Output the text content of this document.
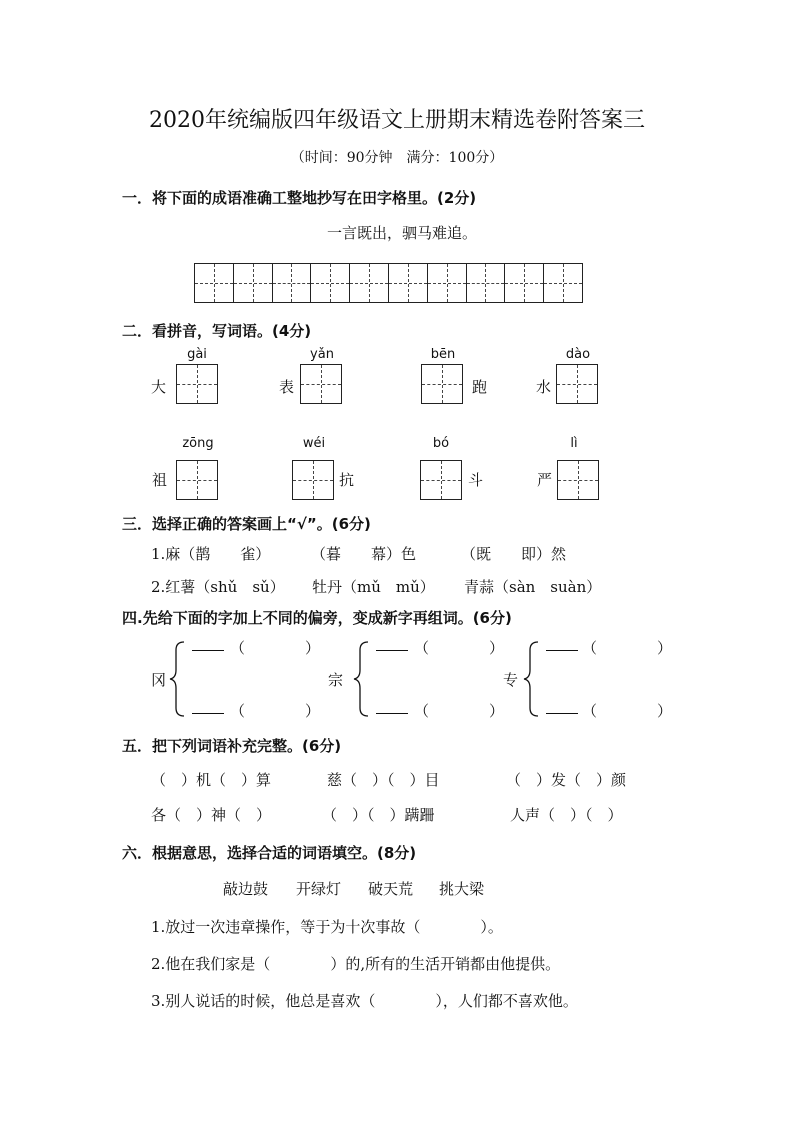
2020年统编版四年级语文上册期末精选卷附答案三
（时间：90分钟　满分：100分）
一．将下面的成语准确工整地抄写在田字格里。(2分)
一言既出，驷马难追。
二．看拼音，写词语。(4分)
gài	yǎn	bēn	dào
大	表	跑	水
zōng	wéi	bó	lì
祖	抗	斗	严
三．选择正确的答案画上“√”。(6分)
1.麻（鹊　　雀）	（暮　　幕）色	（既　　即）然
2.红薯（shǔ　sǔ） 牡丹（mǔ　mǔ） 青蒜（sàn　suàn）
四.先给下面的字加上不同的偏旁，变成新字再组词。(6分)
冈
（　　　　）
（　　　　）
宗
（　　　　）
（　　　　）
专
（　　　　）
（　　　　）
五．把下列词语补充完整。(6分)
（　）机（　）算	慈（　）（　）目	（　）发（　）颜
各（　）神（　）	（　）（　）蹒跚	人声（　）（　）
六．根据意思，选择合适的词语填空。(8分)
敲边鼓 开绿灯 破天荒 挑大梁
1.放过一次违章操作，等于为十次事故（　　　　）。
2.他在我们家是（　　　　）的,所有的生活开销都由他提供。
3.别人说话的时候，他总是喜欢（　　　　），人们都不喜欢他。
